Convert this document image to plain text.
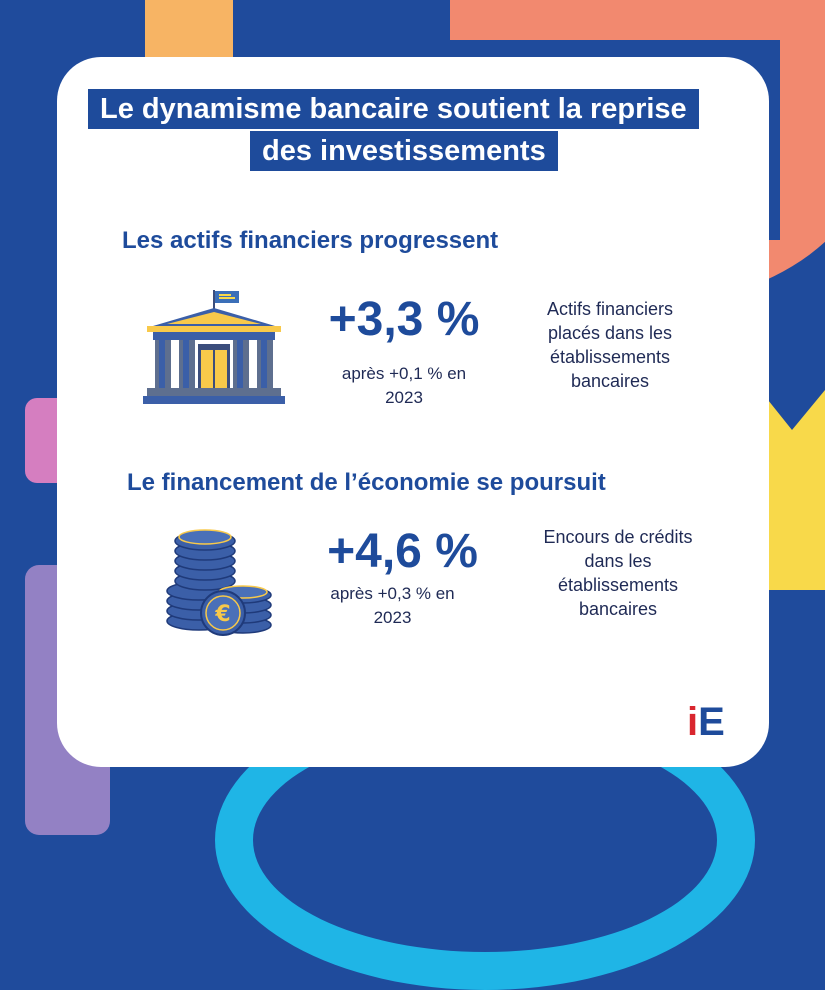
Le dynamisme bancaire soutient la reprise
des investissements
Les actifs financiers progressent
+3,3 %
après +0,1 % en
2023
Actifs financiers
placés dans les
établissements
bancaires
Le financement de l’économie se poursuit
€
+4,6 %
après +0,3 % en
2023
Encours de crédits
dans les
établissements
bancaires
iE
